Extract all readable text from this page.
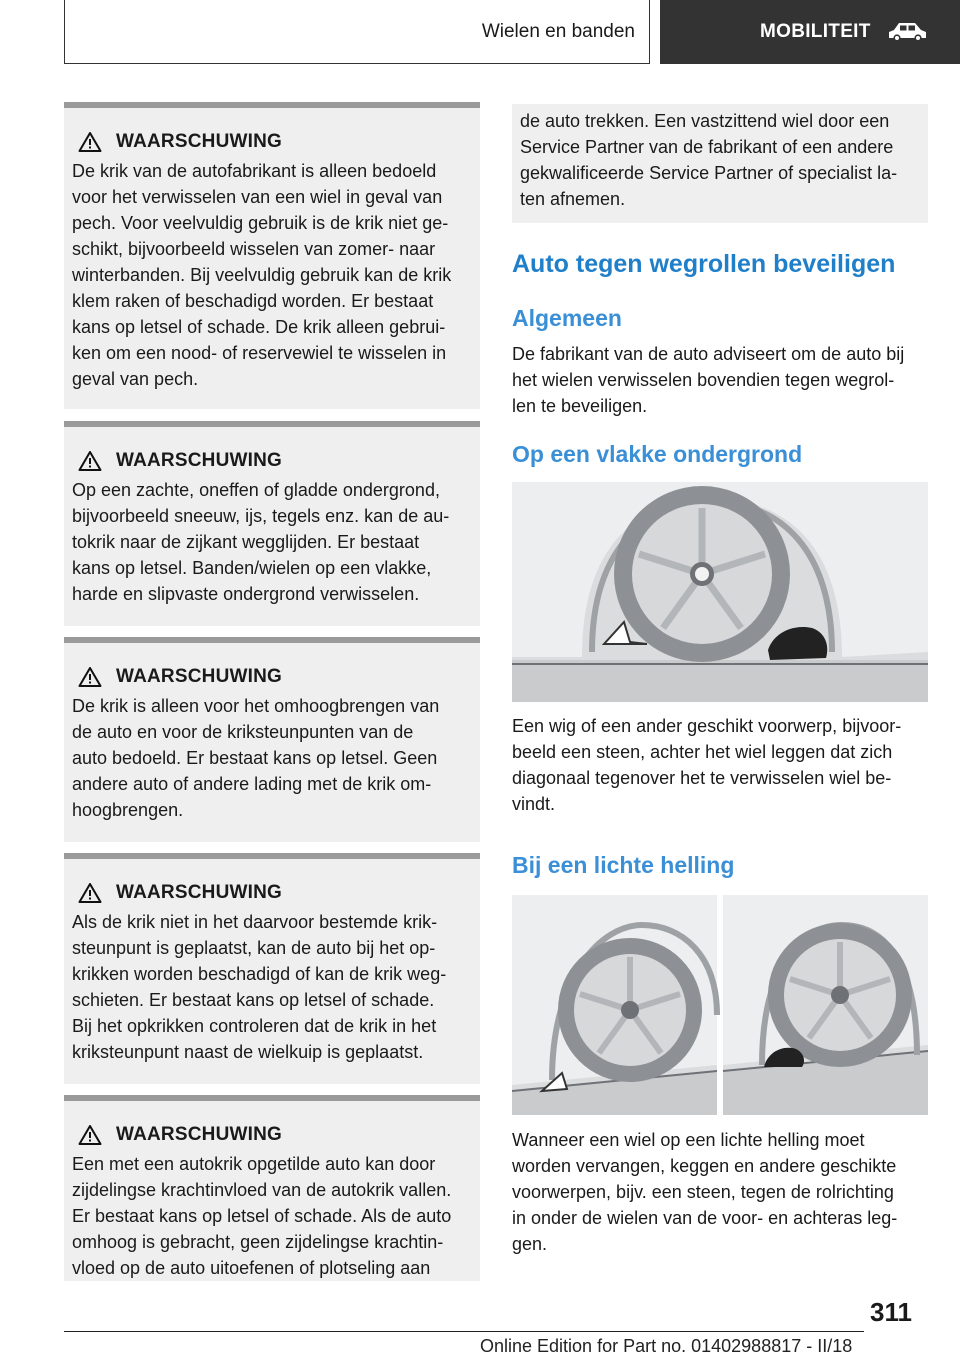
Wielen en banden	MOBILITEIT
WAARSCHUWING

De krik van de autofabrikant is alleen bedoeld

voor het verwisselen van een wiel in geval van

pech. Voor veelvuldig gebruik is de krik niet ge-

schikt, bijvoorbeeld wisselen van zomer- naar

winterbanden. Bij veelvuldig gebruik kan de krik

klem raken of beschadigd worden. Er bestaat

kans op letsel of schade. De krik alleen gebrui-

ken om een nood- of reservewiel te wisselen in

geval van pech.

WAARSCHUWING

Op een zachte, oneffen of gladde ondergrond,

bijvoorbeeld sneeuw, ijs, tegels enz. kan de au-

tokrik naar de zijkant wegglijden. Er bestaat

kans op letsel. Banden/wielen op een vlakke,

harde en slipvaste ondergrond verwisselen.

WAARSCHUWING

De krik is alleen voor het omhoogbrengen van

de auto en voor de kriksteunpunten van de

auto bedoeld. Er bestaat kans op letsel. Geen

andere auto of andere lading met de krik om-

hoogbrengen.

WAARSCHUWING

Als de krik niet in het daarvoor bestemde krik-

steunpunt is geplaatst, kan de auto bij het op-

krikken worden beschadigd of kan de krik weg-

schieten. Er bestaat kans op letsel of schade.

Bij het opkrikken controleren dat de krik in het

kriksteunpunt naast de wielkuip is geplaatst.

WAARSCHUWING

Een met een autokrik opgetilde auto kan door

zijdelingse krachtinvloed van de autokrik vallen.

Er bestaat kans op letsel of schade. Als de auto

omhoog is gebracht, geen zijdelingse krachtin-

vloed op de auto uitoefenen of plotseling aan

de auto trekken. Een vastzittend wiel door een
Service Partner van de fabrikant of een andere
gekwalificeerde Service Partner of specialist la-
ten afnemen.
Auto tegen wegrollen beveiligen
Algemeen

De fabrikant van de auto adviseert om de auto bij

het wielen verwisselen bovendien tegen wegrol-

len te beveiligen.

Op een vlakke ondergrond

Een wig of een ander geschikt voorwerp, bijvoor-

beeld een steen, achter het wiel leggen dat zich

diagonaal tegenover het te verwisselen wiel be-

vindt.

Bij een lichte helling

Wanneer een wiel op een lichte helling moet

worden vervangen, keggen en andere geschikte

voorwerpen, bijv. een steen, tegen de rolrichting

in onder de wielen van de voor- en achteras leg-

gen.

311
Online Edition for Part no. 01402988817 - II/18
